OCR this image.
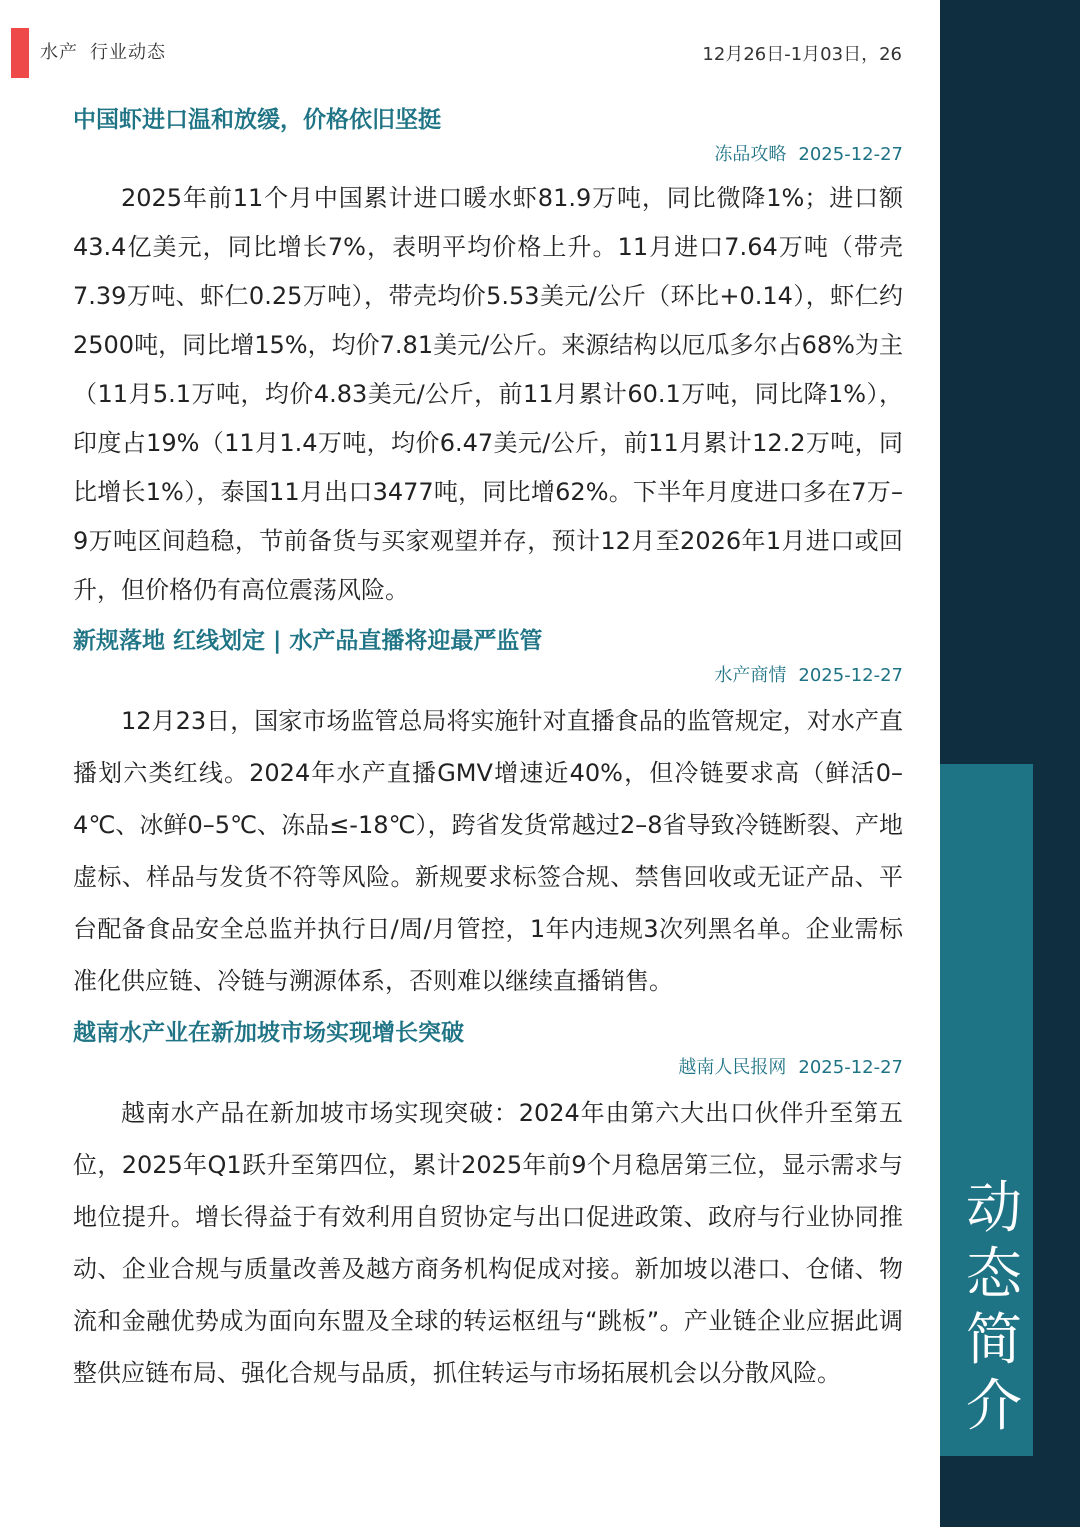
水产 行业动态	12月26日-1月03日，26
动
态
简
介
中国虾进口温和放缓，价格依旧坚挺
冻品攻略 2025-12-27

2025年前11个月中国累计进口暖水虾81.9万吨，同比微降1%；进口额43.4亿美元，同比增长7%，表明平均价格上升。11月进口7.64万吨（带壳7.39万吨、虾仁0.25万吨），带壳均价5.53美元/公斤（环比+0.14），虾仁约2500吨，同比增15%，均价7.81美元/公斤。来源结构以厄瓜多尔占68%为主（11月5.1万吨，均价4.83美元/公斤，前11月累计60.1万吨，同比降1%），印度占19%（11月1.4万吨，均价6.47美元/公斤，前11月累计12.2万吨，同比增长1%），泰国11月出口3477吨，同比增62%。下半年月度进口多在7万–9万吨区间趋稳，节前备货与买家观望并存，预计12月至2026年1月进口或回升，但价格仍有高位震荡风险。

新规落地 红线划定 | 水产品直播将迎最严监管
水产商情 2025-12-27

12月23日，国家市场监管总局将实施针对直播食品的监管规定，对水产直播划六类红线。2024年水产直播GMV增速近40%，但冷链要求高（鲜活0–4℃、冰鲜0–5℃、冻品≤-18℃），跨省发货常越过2–8省导致冷链断裂、产地虚标、样品与发货不符等风险。新规要求标签合规、禁售回收或无证产品、平台配备食品安全总监并执行日/周/月管控，1年内违规3次列黑名单。企业需标准化供应链、冷链与溯源体系，否则难以继续直播销售。

越南水产业在新加坡市场实现增长突破
越南人民报网 2025-12-27

越南水产品在新加坡市场实现突破：2024年由第六大出口伙伴升至第五位，2025年Q1跃升至第四位，累计2025年前9个月稳居第三位，显示需求与地位提升。增长得益于有效利用自贸协定与出口促进政策、政府与行业协同推动、企业合规与质量改善及越方商务机构促成对接。新加坡以港口、仓储、物流和金融优势成为面向东盟及全球的转运枢纽与“跳板”。产业链企业应据此调整供应链布局、强化合规与品质，抓住转运与市场拓展机会以分散风险。
